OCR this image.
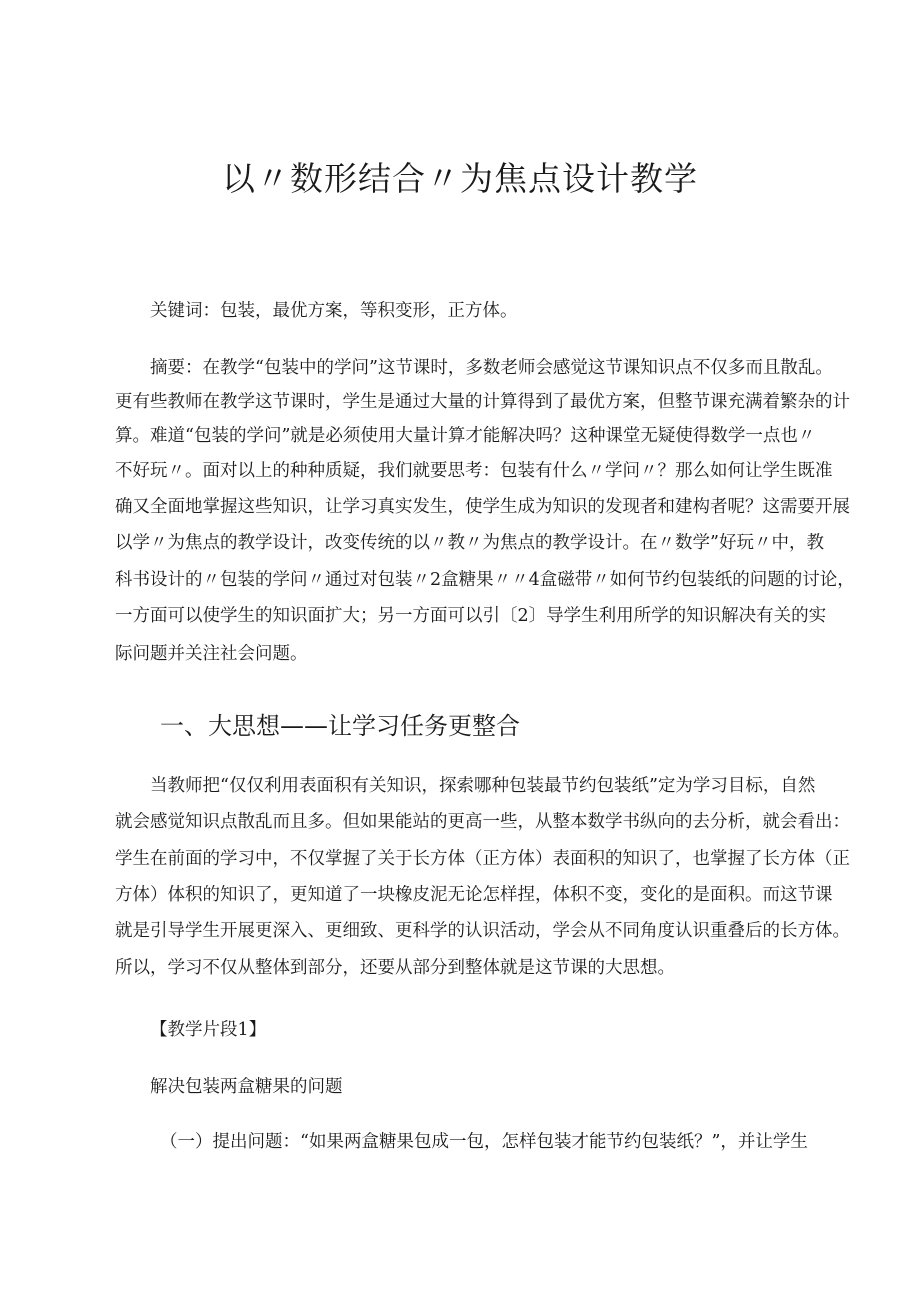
以〃数形结合〃为焦点设计教学
关键词：包装，最优方案，等积变形，正方体。
摘要：在教学“包装中的学问”这节课时，多数老师会感觉这节课知识点不仅多而且散乱。
更有些教师在教学这节课时，学生是通过大量的计算得到了最优方案，但整节课充满着繁杂的计
算。难道“包装的学问”就是必须使用大量计算才能解决吗？这种课堂无疑使得数学一点也〃
不好玩〃。面对以上的种种质疑，我们就要思考：包装有什么〃学问〃？那么如何让学生既准
确又全面地掌握这些知识，让学习真实发生，使学生成为知识的发现者和建构者呢？这需要开展
以学〃为焦点的教学设计，改变传统的以〃教〃为焦点的教学设计。在〃数学”好玩〃中，教
科书设计的〃包装的学问〃通过对包装〃2盒糖果〃〃4盒磁带〃如何节约包装纸的问题的讨论，
一方面可以使学生的知识面扩大；另一方面可以引〔2〕导学生利用所学的知识解决有关的实
际问题并关注社会问题。
一、大思想——让学习任务更整合
当教师把“仅仅利用表面积有关知识，探索哪种包装最节约包装纸”定为学习目标，自然
就会感觉知识点散乱而且多。但如果能站的更高一些，从整本数学书纵向的去分析，就会看出：
学生在前面的学习中，不仅掌握了关于长方体（正方体）表面积的知识了，也掌握了长方体（正
方体）体积的知识了，更知道了一块橡皮泥无论怎样捏，体积不变，变化的是面积。而这节课
就是引导学生开展更深入、更细致、更科学的认识活动，学会从不同角度认识重叠后的长方体。
所以，学习不仅从整体到部分，还要从部分到整体就是这节课的大思想。
【教学片段1】
解决包装两盒糖果的问题
（一）提出问题：“如果两盒糖果包成一包，怎样包装才能节约包装纸？”，并让学生
